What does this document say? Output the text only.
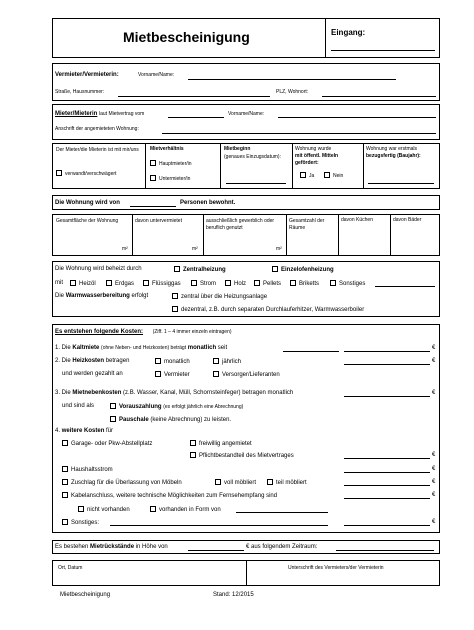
Mietbescheinigung	Eingang:
Vermieter/Vermieterin:	Vorname/Name:
Straße, Hausnummer:	PLZ, Wohnort:
Mieter/Mieterin laut Mietvertrag vom	Vorname/Name:
Anschrift der angemieteten Wohnung:
Der Mieter/die Mieterin ist mit mir/uns
verwandt/verschwägert
Mietverhältnis
Hauptmieter/in
Untermieter/in
Mietbeginn
(genaues Einzugsdatum):
Wohnung wurde
mit öffentl. Mitteln
gefördert:
Ja	Nein
Wohnung war erstmals
bezugsfertig (Baujahr):
Die Wohnung wird von	Personen bewohnt.
Gesamtfläche der Wohnung
m²
davon untervermietet
m²
ausschließlich gewerblich oder beruflich genutzt
m²
Gesamtzahl der Räume
davon Küchen	davon Bäder
Die Wohnung wird beheizt durch	Zentralheizung	Einzelofenheizung
mit	Heizöl	Erdgas	Flüssiggas	Strom	Holz	Pellets	Briketts	Sonstiges
Die Warmwasserbereitung erfolgt	zentral über die Heizungsanlage
dezentral, z.B. durch separaten Durchlauferhitzer, Warmwasserboiler
Es entstehen folgende Kosten: (Ziff. 1 – 4 immer einzeln eintragen)
1. Die Kaltmiete (ohne Neben- und Heizkosten) beträgt monatlich seit	€
2. Die Heizkosten betragen	monatlich	jährlich	€
und werden gezahlt an	Vermieter	Versorger/Lieferanten
3. Die Mietnebenkosten (z.B. Wasser, Kanal, Müll, Schornsteinfeger) betragen monatlich	€
und sind als	Vorauszahlung (es erfolgt jährlich eine Abrechnung)
Pauschale (keine Abrechnung) zu leisten.
4. weitere Kosten für
Garage- oder Pkw-Abstellplatz	freiwillig angemietet
Pflichtbestandteil des Mietvertrages	€
Haushaltsstrom	€
Zuschlag für die Überlassung von Möbeln	voll möbliert	teil möbliert	€
Kabelanschluss, weitere technische Möglichkeiten zum Fernsehempfang sind	€
nicht vorhanden	vorhanden in Form von
Sonstiges:	€
Es bestehen Mietrückstände in Höhe von	€ aus folgendem Zeitraum:
Ort, Datum	Unterschrift des Vermieters/der Vermieterin
Mietbescheinigung	Stand: 12/2015
